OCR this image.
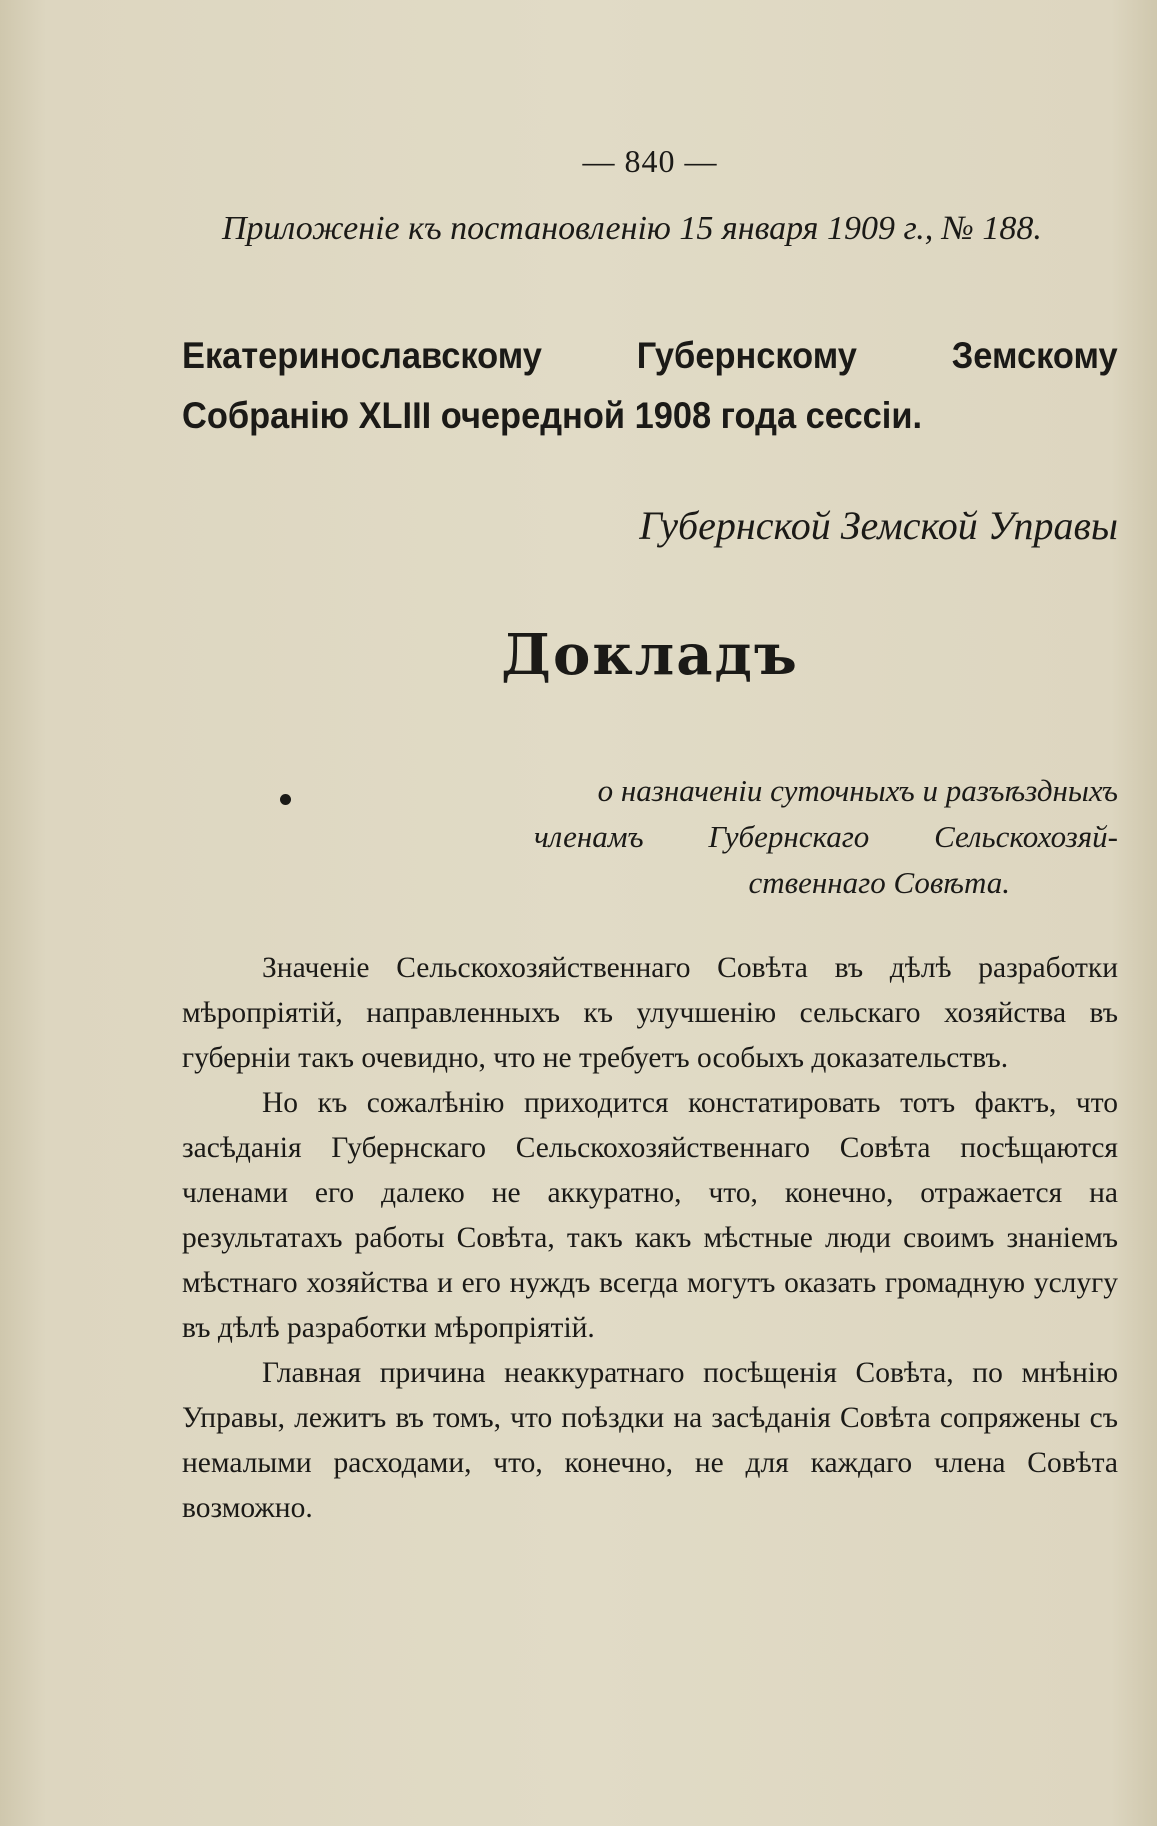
— 840 —
Приложенiе къ постановленiю 15 января 1909 г., № 188.
Екатеринославскому Губернскому Земскому Собранiю XLIII очередной 1908 года сессiи.
Губернской Земской Управы
Докладъ
о назначенiи суточныхъ и разъѣздныхъ
членамъ Губернскаго Сельскохозяй-
ственнаго Совѣта.

Значенiе Сельскохозяйственнаго Совѣта въ дѣлѣ разработки мѣропрiятiй, направленныхъ къ улучшенiю сельскаго хозяйства въ губернiи такъ очевидно, что не требуетъ особыхъ доказательствъ.

Но къ сожалѣнiю приходится констатировать тотъ фактъ, что засѣданiя Губернскаго Сельскохозяйственнаго Совѣта посѣщаются членами его далеко не аккуратно, что, конечно, отражается на результатахъ работы Совѣта, такъ какъ мѣстные люди своимъ знанiемъ мѣстнаго хозяйства и его нуждъ всегда могутъ оказать громадную услугу въ дѣлѣ разработки мѣропрiятiй.

Главная причина неаккуратнаго посѣщенiя Совѣта, по мнѣнiю Управы, лежитъ въ томъ, что поѣздки на засѣданiя Совѣта сопряжены съ немалыми расходами, что, конечно, не для каждаго члена Совѣта возможно.
